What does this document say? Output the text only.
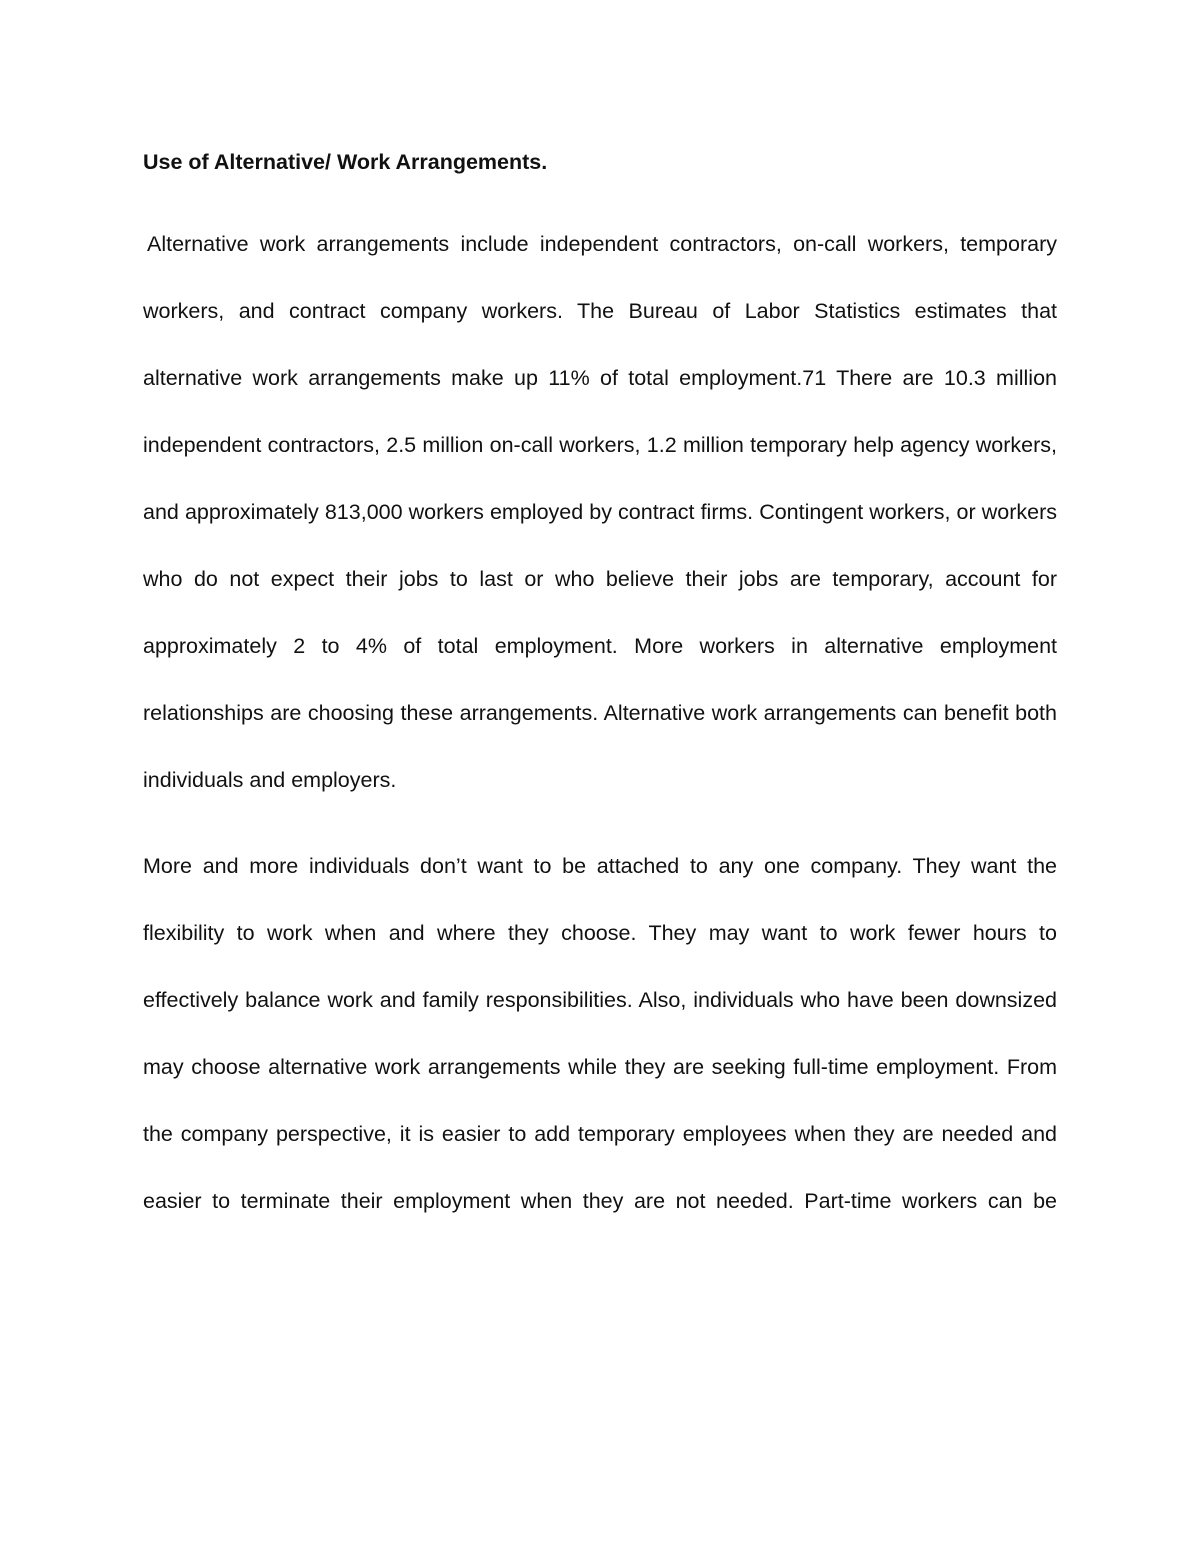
Use of Alternative/ Work Arrangements.

Alternative work arrangements include independent contractors, on-call workers, temporary workers, and contract company workers. The Bureau of Labor Statistics estimates that alternative work arrangements make up 11% of total employment.71 There are 10.3 million independent contractors, 2.5 million on-call workers, 1.2 million temporary help agency workers, and approximately 813,000 workers employed by contract firms. Contingent workers, or workers who do not expect their jobs to last or who believe their jobs are temporary, account for approximately 2 to 4% of total employment. More workers in alternative employment relationships are choosing these arrangements. Alternative work arrangements can benefit both individuals and employers.

More and more individuals don’t want to be attached to any one company. They want the flexibility to work when and where they choose. They may want to work fewer hours to effectively balance work and family responsibilities. Also, individuals who have been downsized may choose alternative work arrangements while they are seeking full-time employment. From the company perspective, it is easier to add temporary employees when they are needed and easier to terminate their employment when they are not needed. Part-time workers can be
